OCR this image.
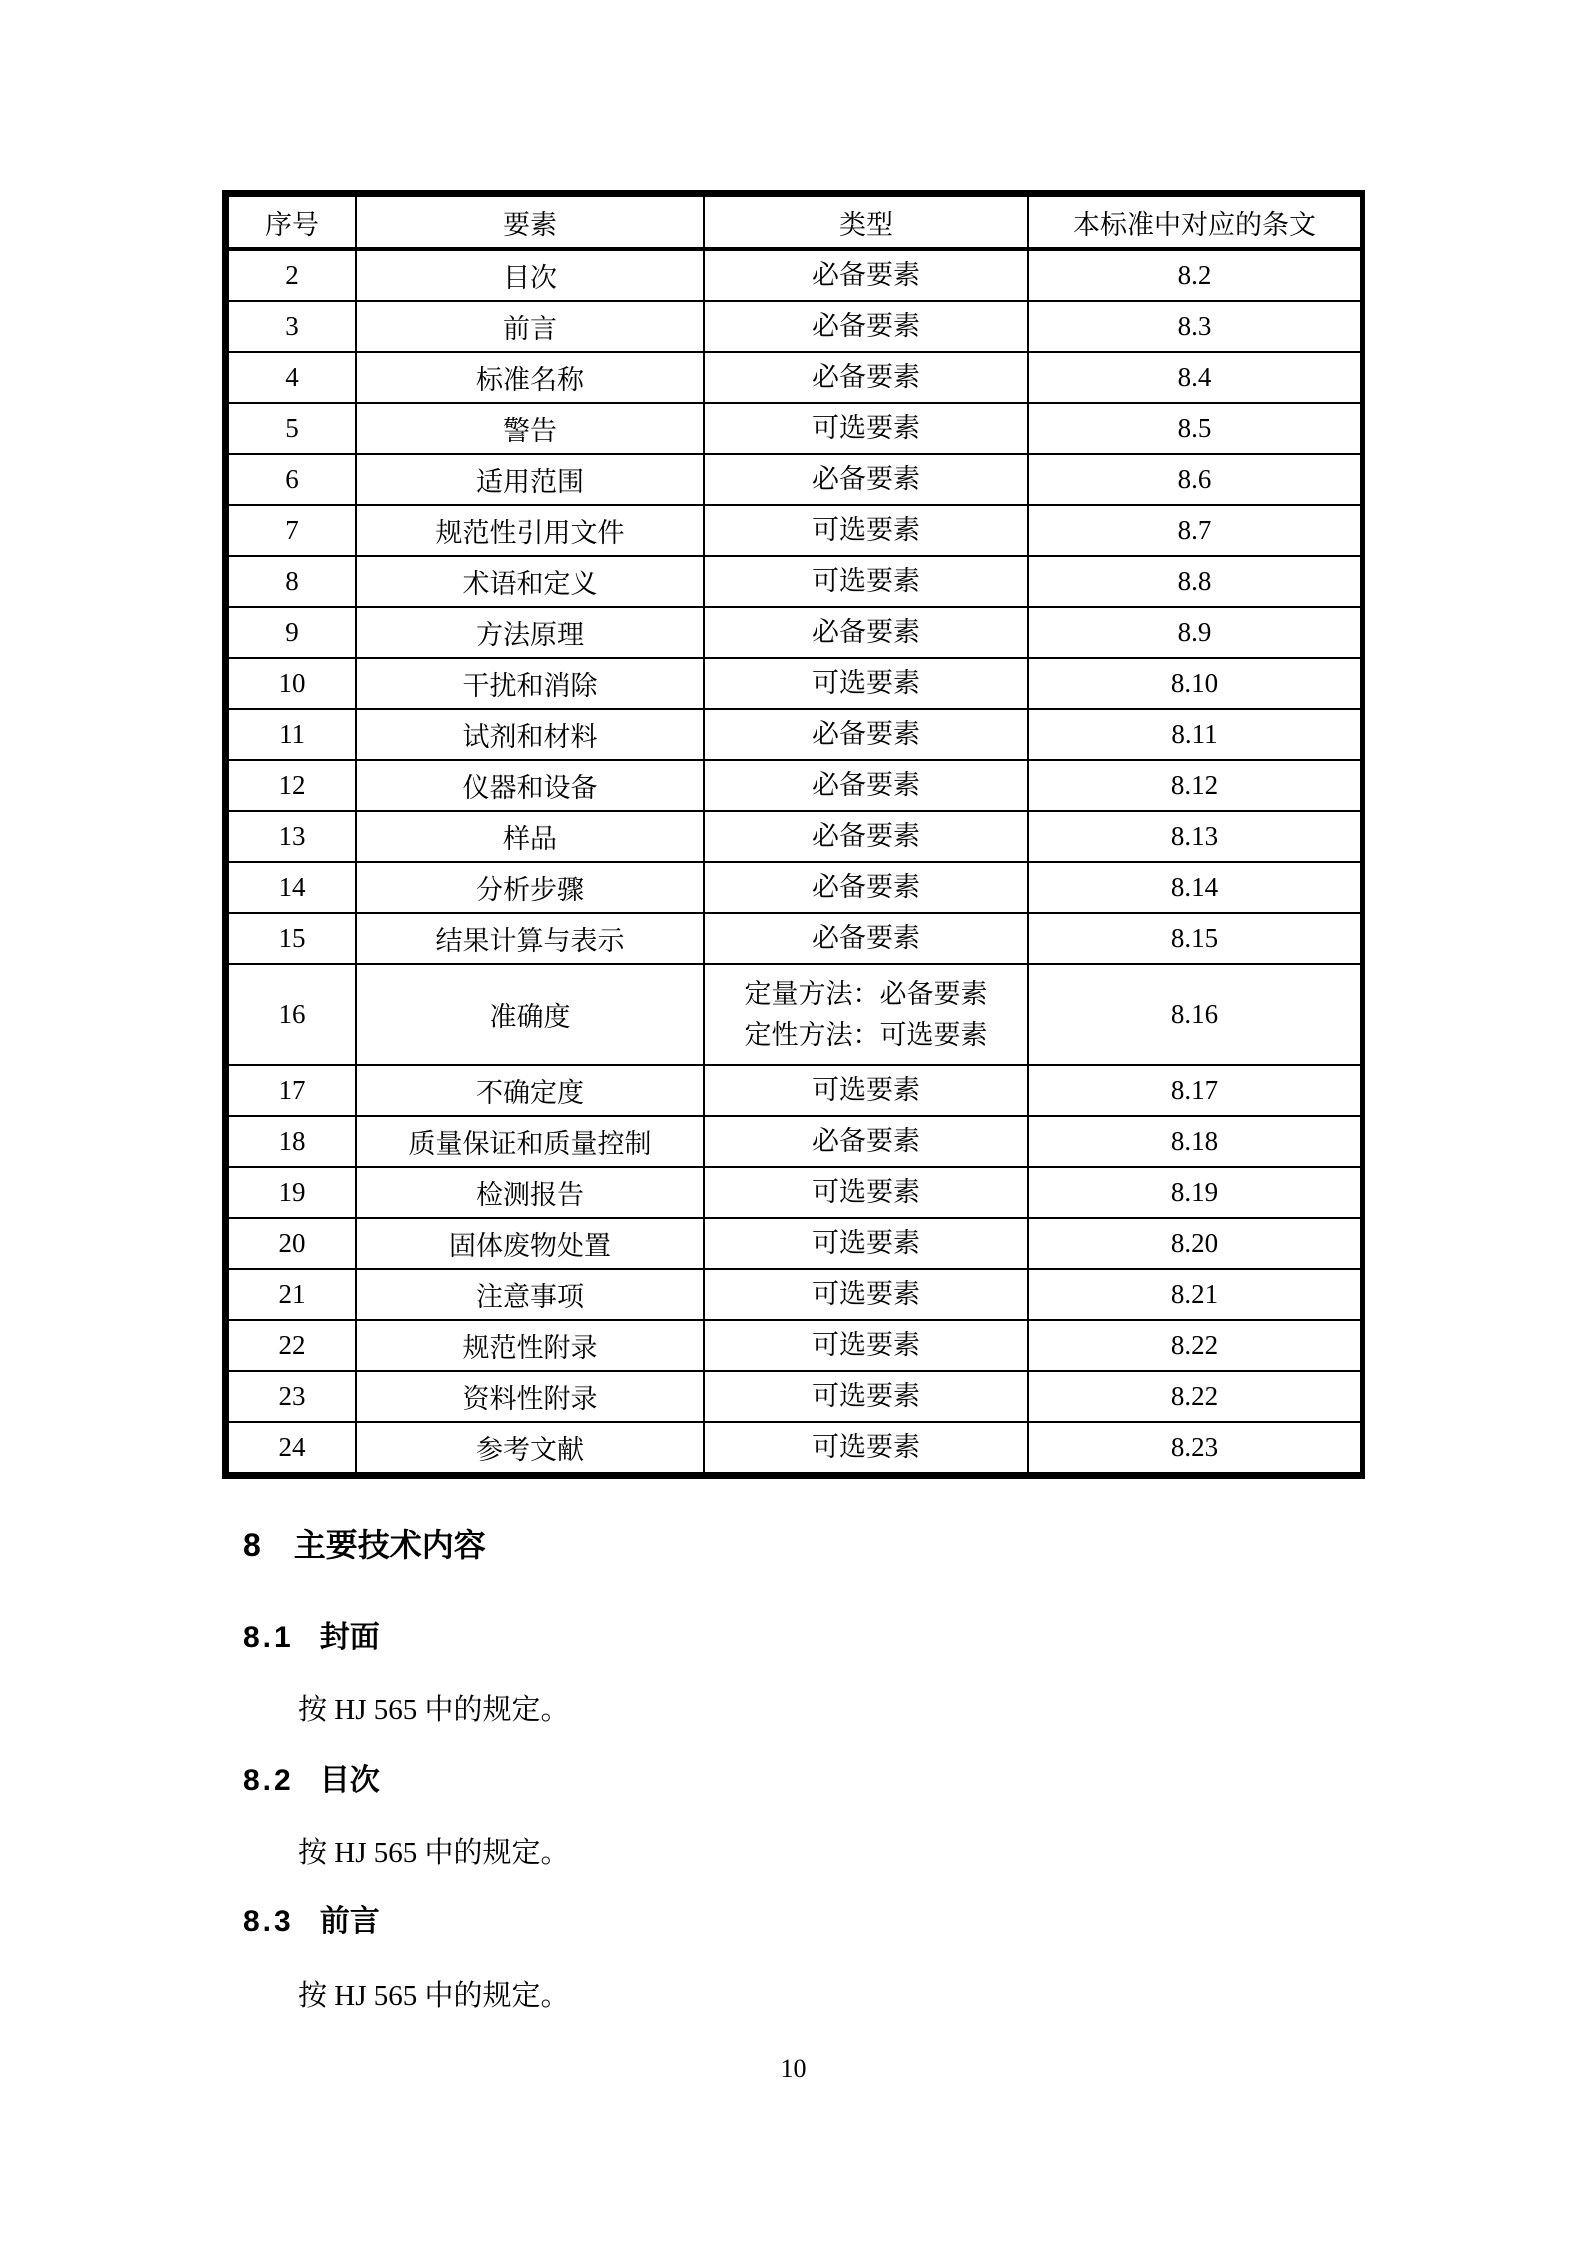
序号	要素	类型	本标准中对应的条文
2	目次	必备要素	8.2
3	前言	必备要素	8.3
4	标准名称	必备要素	8.4
5	警告	可选要素	8.5
6	适用范围	必备要素	8.6
7	规范性引用文件	可选要素	8.7
8	术语和定义	可选要素	8.8
9	方法原理	必备要素	8.9
10	干扰和消除	可选要素	8.10
11	试剂和材料	必备要素	8.11
12	仪器和设备	必备要素	8.12
13	样品	必备要素	8.13
14	分析步骤	必备要素	8.14
15	结果计算与表示	必备要素	8.15
16	准确度	定量方法：必备要素
定性方法：可选要素	8.16
17	不确定度	可选要素	8.17
18	质量保证和质量控制	必备要素	8.18
19	检测报告	可选要素	8.19
20	固体废物处置	可选要素	8.20
21	注意事项	可选要素	8.21
22	规范性附录	可选要素	8.22
23	资料性附录	可选要素	8.22
24	参考文献	可选要素	8.23
8 主要技术内容
8.1 封面
按 HJ 565 中的规定。
8.2 目次
按 HJ 565 中的规定。
8.3 前言
按 HJ 565 中的规定。
10
